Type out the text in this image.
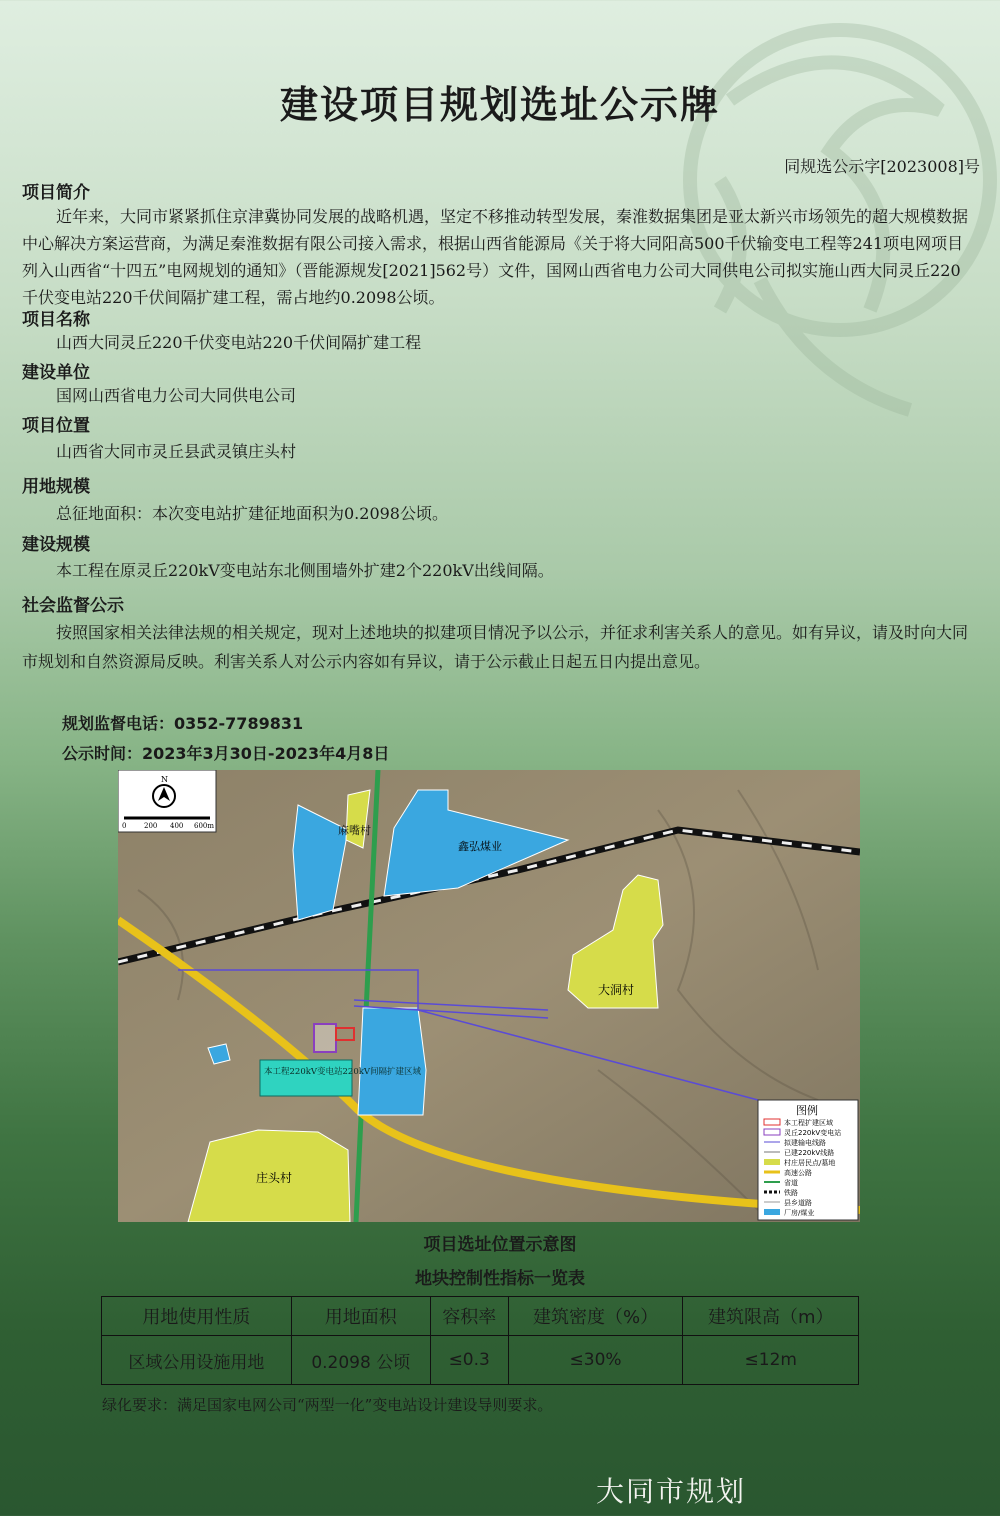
建设项目规划选址公示牌
同规选公示字[2023008]号
项目简介
近年来，大同市紧紧抓住京津冀协同发展的战略机遇，坚定不移推动转型发展，秦淮数据集团是亚太新兴市场领先的超大规模数据中心解决方案运营商，为满足秦淮数据有限公司接入需求，根据山西省能源局《关于将大同阳高500千伏输变电工程等241项电网项目列入山西省“十四五”电网规划的通知》（晋能源规发[2021]562号）文件，国网山西省电力公司大同供电公司拟实施山西大同灵丘220千伏变电站220千伏间隔扩建工程，需占地约0.2098公顷。
项目名称
山西大同灵丘220千伏变电站220千伏间隔扩建工程
建设单位
国网山西省电力公司大同供电公司
项目位置
山西省大同市灵丘县武灵镇庄头村
用地规模
总征地面积：本次变电站扩建征地面积为0.2098公顷。
建设规模
本工程在原灵丘220kV变电站东北侧围墙外扩建2个220kV出线间隔。
社会监督公示
按照国家相关法律法规的相关规定，现对上述地块的拟建项目情况予以公示，并征求利害关系人的意见。如有异议，请及时向大同市规划和自然资源局反映。利害关系人对公示内容如有异议，请于公示截止日起五日内提出意见。
规划监督电话：0352-7789831
公示时间：2023年3月30日-2023年4月8日
N
0	200 400 600m	麻嘴村
鑫弘煤业
大洞村
庄头村
本工程220kV变电站220kV间隔扩建区域
图例
本工程扩建区域
灵丘220kV变电站
拟建输电线路
已建220kV线路
村庄居民点/墓地
高速公路
省道
铁路
县乡道路
厂房/煤业
项目选址位置示意图
地块控制性指标一览表
用地使用性质	用地面积	容积率	建筑密度（%）	建筑限高（m）
区域公用设施用地	0.2098 公顷	≤0.3	≤30%	≤12m
绿化要求：满足国家电网公司“两型一化”变电站设计建设导则要求。
大同市规划
